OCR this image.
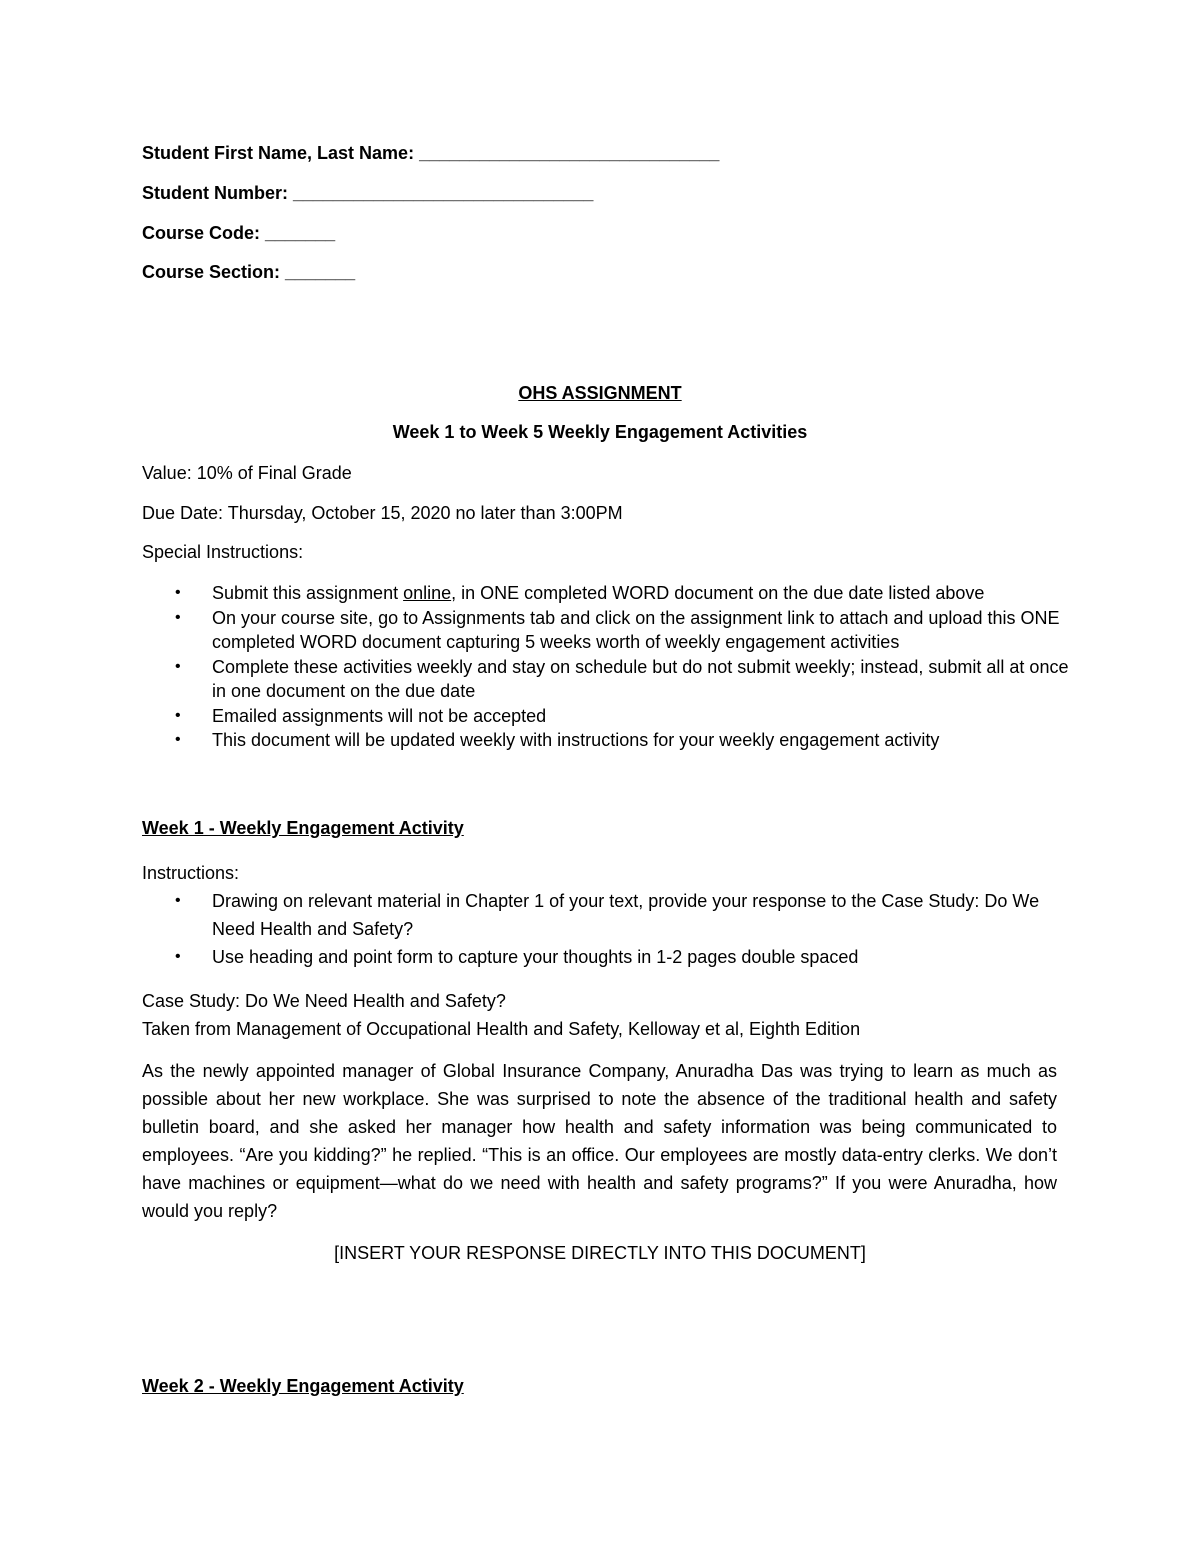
Student First Name, Last Name: ______________________________
Student Number: ______________________________
Course Code: _______
Course Section: _______
OHS ASSIGNMENT
Week 1 to Week 5 Weekly Engagement Activities
Value: 10% of Final Grade
Due Date: Thursday, October 15, 2020 no later than 3:00PM
Special Instructions:
• Submit this assignment online, in ONE completed WORD document on the due date listed above
• On your course site, go to Assignments tab and click on the assignment link to attach and upload this ONE completed WORD document capturing 5 weeks worth of weekly engagement activities
• Complete these activities weekly and stay on schedule but do not submit weekly; instead, submit all at once in one document on the due date
• Emailed assignments will not be accepted
• This document will be updated weekly with instructions for your weekly engagement activity
Week 1 - Weekly Engagement Activity
Instructions:
• Drawing on relevant material in Chapter 1 of your text, provide your response to the Case Study: Do We Need Health and Safety?
• Use heading and point form to capture your thoughts in 1-2 pages double spaced
Case Study: Do We Need Health and Safety?
Taken from Management of Occupational Health and Safety, Kelloway et al, Eighth Edition

As the newly appointed manager of Global Insurance Company, Anuradha Das was trying to learn as much as possible about her new workplace. She was surprised to note the absence of the traditional health and safety bulletin board, and she asked her manager how health and safety information was being communicated to employees. “Are you kidding?” he replied. “This is an office. Our employees are mostly data-entry clerks. We don’t have machines or equipment—what do we need with health and safety programs?” If you were Anuradha, how would you reply?

[INSERT YOUR RESPONSE DIRECTLY INTO THIS DOCUMENT]
Week 2 - Weekly Engagement Activity
